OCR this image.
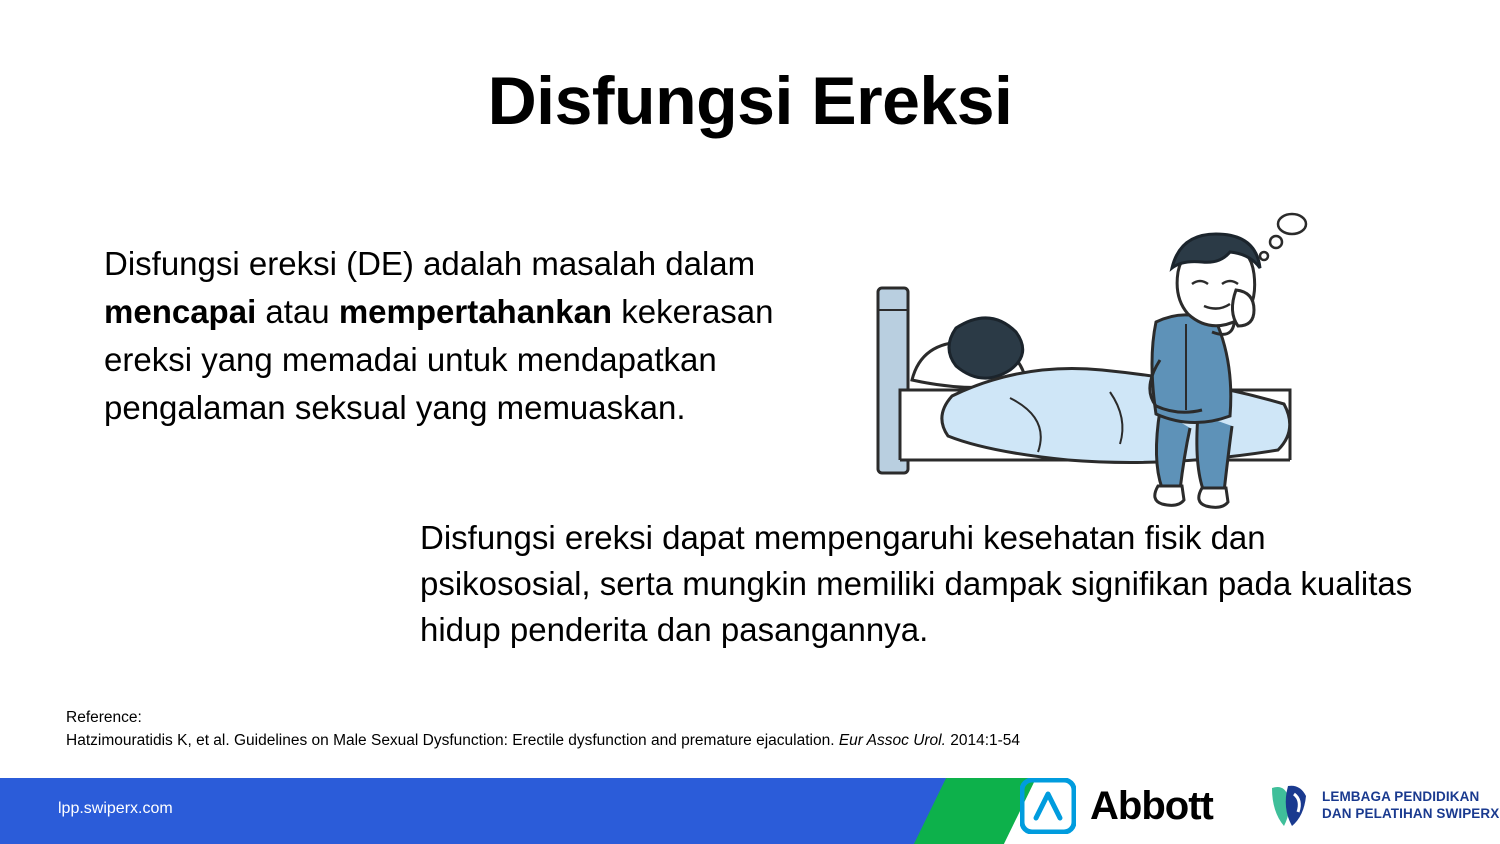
Disfungsi Ereksi
Disfungsi ereksi (DE) adalah masalah dalam mencapai atau mempertahankan kekerasan ereksi yang memadai untuk mendapatkan pengalaman seksual yang memuaskan.
Disfungsi ereksi dapat mempengaruhi kesehatan fisik dan psikososial, serta mungkin memiliki dampak signifikan pada kualitas hidup penderita dan pasangannya.
Reference:
Hatzimouratidis K, et al. Guidelines on Male Sexual Dysfunction: Erectile dysfunction and premature ejaculation. Eur Assoc Urol. 2014:1-54
lpp.swiperx.com	Abbott	LEMBAGA PENDIDIKAN
DAN PELATIHAN SWIPERX
